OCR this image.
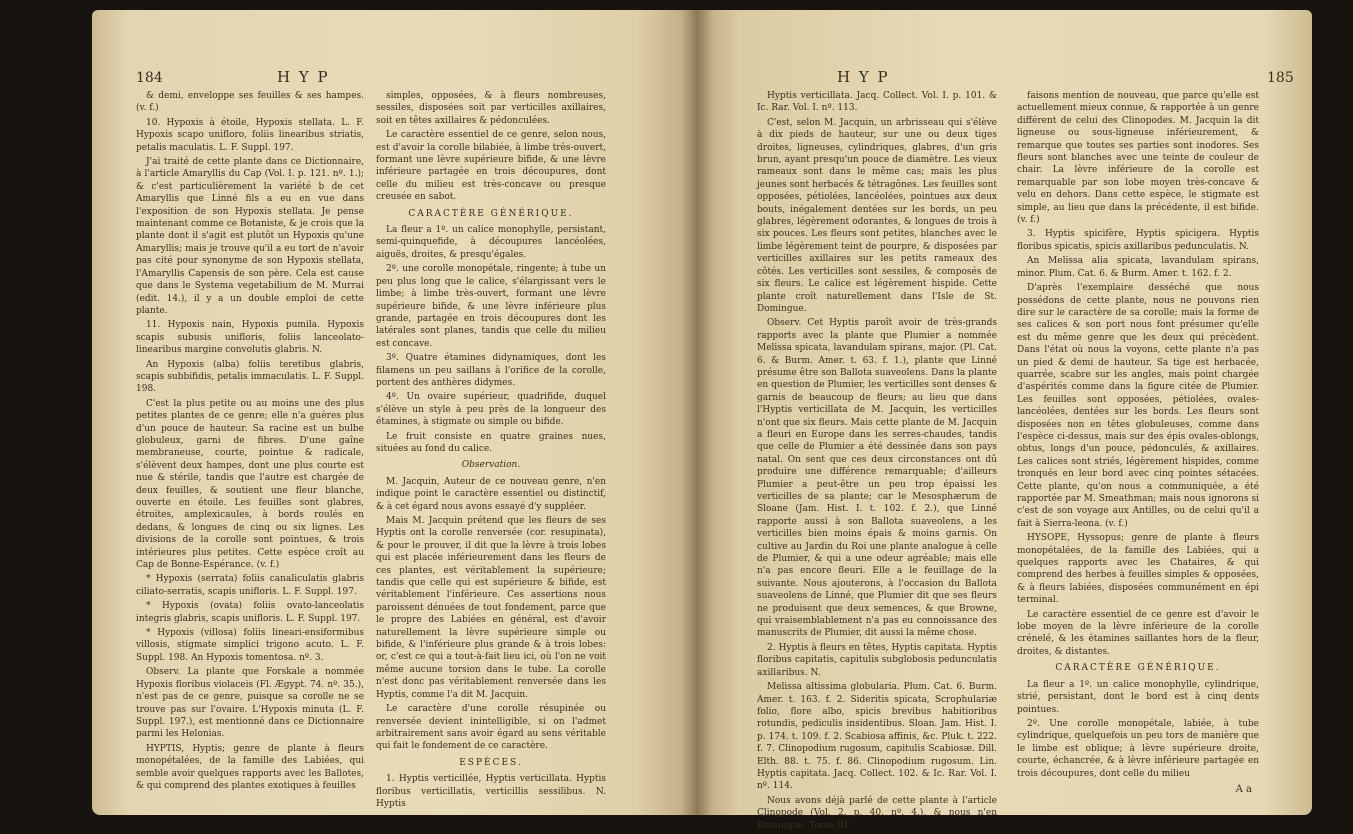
184	H Y P

& demi, enveloppe ses feuilles & ses hampes. (v. f.)

10. Hypoxis à étoile, Hypoxis stellata. L. F. Hypoxis scapo unifloro, foliis linearibus striatis, petalis maculatis. L. F. Suppl. 197.

J'ai traité de cette plante dans ce Dictionnaire, à l'article Amaryllis du Cap (Vol. I. p. 121. nº. 1.); & c'est particulièrement la variété b de cet Amaryllis que Linné fils a eu en vue dans l'exposition de son Hypoxis stellata. Je pense maintenant comme ce Botaniste, & je crois que la plante dont il s'agit est plutôt un Hypoxis qu'une Amaryllis; mais je trouve qu'il a eu tort de n'avoir pas cité pour synonyme de son Hypoxis stellata, l'Amaryllis Capensis de son père. Cela est cause que dans le Systema vegetabilium de M. Murrai (edit. 14.), il y a un double emploi de cette plante.

11. Hypoxis nain, Hypoxis pumila. Hypoxis scapis subusis unifloris, foliis lanceolato-linearibus margine convolutis glabris. N.

An Hypoxis (alba) foliis teretibus glabris, scapis subbifidis, petalis immaculatis. L. F. Suppl. 198.

C'est la plus petite ou au moins une des plus petites plantes de ce genre; elle n'a guères plus d'un pouce de hauteur. Sa racine est un bulbe globuleux, garni de fibres. D'une gaîne membraneuse, courte, pointue & radicale, s'élèvent deux hampes, dont une plus courte est nue & stérile, tandis que l'autre est chargée de deux feuilles, & soutient une fleur blanche, ouverte en étoile. Les feuilles sont glabres, étroites, amplexicaules, à bords roulés en dedans, & longues de cinq ou six lignes. Les divisions de la corolle sont pointues, & trois intérieures plus petites. Cette espèce croît au Cap de Bonne-Espérance. (v. f.)

* Hypoxis (serrata) foliis canaliculatis glabris ciliato-serratis, scapis unifloris. L. F. Suppl. 197.

* Hypoxis (ovata) foliis ovato-lanceolatis integris glabris, scapis unifloris. L. F. Suppl. 197.

* Hypoxis (villosa) foliis lineari-ensiformibus villosis, stigmate simplici trigono acuto. L. F. Suppl. 198. An Hypoxis tomentosa. nº. 3.

Observ. La plante que Forskale a nommée Hypoxis floribus violaceis (Fl. Ægypt. 74. nº. 35.), n'est pas de ce genre, puisque sa corolle ne se trouve pas sur l'ovaire. L'Hypoxis minuta (L. F. Suppl. 197.), est mentionné dans ce Dictionnaire parmi les Helonias.

HYPTIS, Hyptis; genre de plante à fleurs monopétalées, de la famille des Labiées, qui semble avoir quelques rapports avec les Ballotes, & qui comprend des plantes exotiques à feuilles

simples, opposées, & à fleurs nombreuses, sessiles, disposées soit par verticilles axillaires, soit en têtes axillaires & pédonculées.

Le caractère essentiel de ce genre, selon nous, est d'avoir la corolle bilabiée, à limbe très-ouvert, formant une lèvre supérieure bifide, & une lèvre inférieure partagée en trois découpures, dont celle du milieu est très-concave ou presque creusée en sabot.

CARACTÈRE GÉNÉRIQUE.

La fleur a 1º. un calice monophylle, persistant, semi-quinquefide, à découpures lancéolées, aiguës, droites, & presqu'égales.

2º. une corolle monopétale, ringente; à tube un peu plus long que le calice, s'élargissant vers le limbe; à limbe très-ouvert, formant une lèvre supérieure bifide, & une lèvre inférieure plus grande, partagée en trois découpures dont les latérales sont planes, tandis que celle du milieu est concave.

3º. Quatre étamines didynamiques, dont les filamens un peu saillans à l'orifice de la corolle, portent des anthères didymes.

4º. Un ovaire supérieur, quadrifide, duquel s'élève un style à peu près de la longueur des étamines, à stigmate ou simple ou bifide.

Le fruit consiste en quatre graines nues, situées au fond du calice.

Observation.

M. Jacquin, Auteur de ce nouveau genre, n'en indique point le caractère essentiel ou distinctif, & à cet égard nous avons essayé d'y suppléer.

Mais M. Jacquin prétend que les fleurs de ses Hyptis ont la corolle renversée (cor. resupinata), & pour le prouver, il dit que la lèvre à trois lobes qui est placée inférieurement dans les fleurs de ces plantes, est véritablement la supérieure; tandis que celle qui est supérieure & bifide, est véritablement l'inférieure. Ces assertions nous paroissent dénuées de tout fondement, parce que le propre des Labiées en général, est d'avoir naturellement la lèvre supérieure simple ou bifide, & l'inférieure plus grande & à trois lobes: or, c'est ce qui a tout-à-fait lieu ici, où l'on ne voit même aucune torsion dans le tube. La corolle n'est donc pas véritablement renversée dans les Hyptis, comme l'a dit M. Jacquin.

Le caractère d'une corolle résupinée ou renversée devient inintelligible, si on l'admet arbitrairement sans avoir égard au sens véritable qui fait le fondement de ce caractère.

ESPÈCES.

1. Hyptis verticillée, Hyptis verticillata. Hyptis floribus verticillatis, verticillis sessilibus. N. Hyptis

H Y P	185

Hyptis verticillata. Jacq. Collect. Vol. I. p. 101. & Ic. Rar. Vol. I. nº. 113.

C'est, selon M. Jacquin, un arbrisseau qui s'élève à dix pieds de hauteur, sur une ou deux tiges droites, ligneuses, cylindriques, glabres, d'un gris brun, ayant presqu'un pouce de diamètre. Les vieux rameaux sont dans le même cas; mais les plus jeunes sont herbacés & tétragônes. Les feuilles sont opposées, pétiolées, lancéolées, pointues aux deux bouts, inégalement dentées sur les bords, un peu glabres, légèrement odorantes, & longues de trois à six pouces. Les fleurs sont petites, blanches avec le limbe légèrement teint de pourpre, & disposées par verticilles axillaires sur les petits rameaux des côtés. Les verticilles sont sessiles, & composés de six fleurs. Le calice est légèrement hispide. Cette plante croît naturellement dans l'Isle de St. Domingue.

Observ. Cet Hyptis paroît avoir de très-grands rapports avec la plante que Plumier a nommée Melissa spicata, lavandulam spirans, major. (Pl. Cat. 6. & Burm. Amer. t. 63. f. 1.), plante que Linné présume être son Ballota suaveolens. Dans la plante en question de Plumier, les verticilles sont denses & garnis de beaucoup de fleurs; au lieu que dans l'Hyptis verticillata de M. Jacquin, les verticilles n'ont que six fleurs. Mais cette plante de M. Jacquin a fleuri en Europe dans les serres-chaudes, tandis que celle de Plumier a été dessinée dans son pays natal. On sent que ces deux circonstances ont dû produire une différence remarquable; d'ailleurs Plumier a peut-être un peu trop épaissi les verticilles de sa plante; car le Mesosphærum de Sloane (Jam. Hist. I. t. 102. f. 2.), que Linné rapporte aussi à son Ballota suaveolens, a les verticilles bien moins épais & moins garnis. On cultive au Jardin du Roi une plante analogue à celle de Plumier, & qui a une odeur agréable; mais elle n'a pas encore fleuri. Elle a le feuillage de la suivante. Nous ajouterons, à l'occasion du Ballota suaveolens de Linné, que Plumier dit que ses fleurs ne produisent que deux semences, & que Browne, qui vraisemblablement n'a pas eu connoissance des manuscrits de Plumier, dit aussi la même chose.

2. Hyptis à fleurs en têtes, Hyptis capitata. Hyptis floribus capitatis, capitulis subglobosis pedunculatis axillaribus. N.

Melissa altissima globularia. Plum. Cat. 6. Burm. Amer. t. 163. f. 2. Sideritis spicata, Scrophulariæ folio, flore albo, spicis brevibus habitioribus rotundis, pediculis insidentibus. Sloan. Jam. Hist. I. p. 174. t. 109. f. 2. Scabiosa affinis, &c. Pluk. t. 222. f. 7. Clinopodium rugosum, capitulis Scabiosæ. Dill. Elth. 88. t. 75. f. 86. Clinopodium rugosum. Lin. Hyptis capitata. Jacq. Collect. 102. & Ic. Rar. Vol. I. nº. 114.

Nous avons déjà parlé de cette plante à l'article Clinopode (Vol. 2. p. 40. nº. 4.), & nous n'en Botanique. Tome III.

faisons mention de nouveau, que parce qu'elle est actuellement mieux connue, & rapportée à un genre différent de celui des Clinopodes. M. Jacquin la dit ligneuse ou sous-ligneuse inférieurement, & remarque que toutes ses parties sont inodores. Ses fleurs sont blanches avec une teinte de couleur de chair. La lèvre inférieure de la corolle est remarquable par son lobe moyen très-concave & velu en dehors. Dans cette espèce, le stigmate est simple, au lieu que dans la précédente, il est bifide. (v. f.)

3. Hyptis spicifère, Hyptis spicigera. Hyptis floribus spicatis, spicis axillaribus pedunculatis. N.

An Melissa alia spicata, lavandulam spirans, minor. Plum. Cat. 6. & Burm. Amer. t. 162. f. 2.

D'après l'exemplaire desséché que nous possédons de cette plante, nous ne pouvons rien dire sur le caractère de sa corolle; mais la forme de ses calices & son port nous font présumer qu'elle est du même genre que les deux qui précèdent. Dans l'état où nous la voyons, cette plante n'a pas un pied & demi de hauteur. Sa tige est herbacée, quarrée, scabre sur les angles, mais point chargée d'aspérités comme dans la figure citée de Plumier. Les feuilles sont opposées, pétiolées, ovales-lancéolées, dentées sur les bords. Les fleurs sont disposées non en têtes globuleuses, comme dans l'espèce ci-dessus, mais sur des épis ovales-oblongs, obtus, longs d'un pouce, pédonculés, & axillaires. Les calices sont striés, légèrement hispides, comme tronqués en leur bord avec cinq pointes sétacées. Cette plante, qu'on nous a communiquée, a été rapportée par M. Smeathman; mais nous ignorons si c'est de son voyage aux Antilles, ou de celui qu'il a fait à Sierra-leona. (v. f.)

HYSOPE, Hyssopus; genre de plante à fleurs monopétalées, de la famille des Labiées, qui a quelques rapports avec les Chataires, & qui comprend des herbes à feuilles simples & opposées, & à fleurs labiées, disposées communément en épi terminal.

Le caractère essentiel de ce genre est d'avoir le lobe moyen de la lèvre inférieure de la corolle crénelé, & les étamines saillantes hors de la fleur, droites, & distantes.

CARACTÈRE GÉNÉRIQUE.

La fleur a 1º. un calice monophylle, cylindrique, strié, persistant, dont le bord est à cinq dents pointues.

2º. Une corolle monopétale, labiée, à tube cylindrique, quelquefois un peu tors de manière que le limbe est oblique; à lèvre supérieure droite, courte, échancrée, & à lèvre inférieure partagée en trois découpures, dont celle du milieu

A a
